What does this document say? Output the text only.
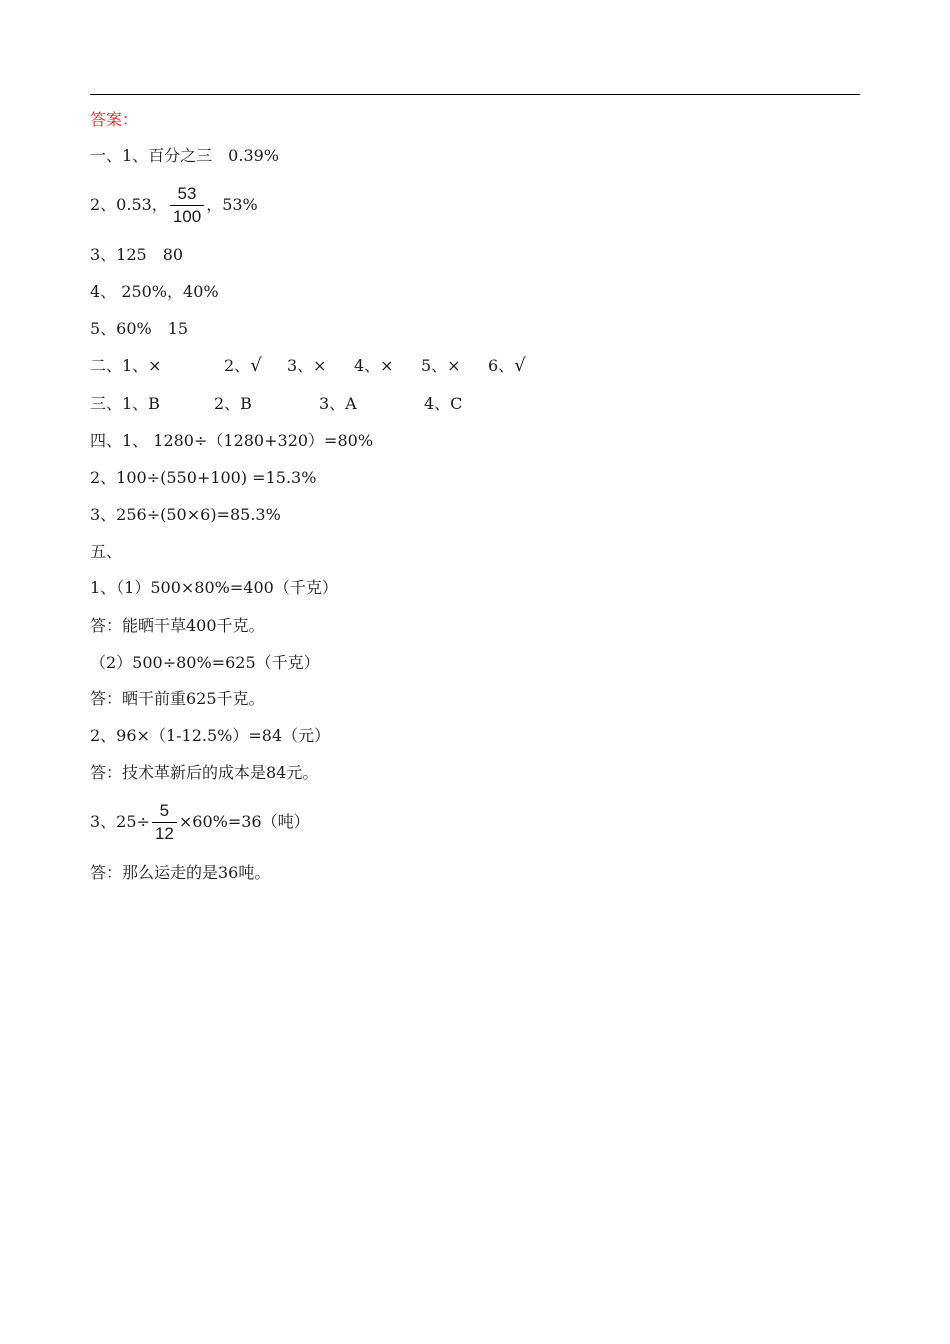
答案：
一、1、百分之三　0.39%
2、0.53， $\frac{53}{100}$ ，53%
3、125　80
4、 250%，40%
5、60%　15
二、1、×	2、√ 3、× 4、× 5、× 6、√
三、1、B	2、B	3、A	4、C
四、1、 1280÷（1280+320）=80%
2、100÷(550+100) =15.3%
3、256÷(50×6)=85.3%
五、
1、（1）500×80%=400（千克）
答：能晒干草400千克。
（2）500÷80%=625（千克）
答：晒干前重625千克。
2、96×（1-12.5%）=84（元）
答：技术革新后的成本是84元。
3、$25\div \frac{5}{12} \times 60\%=36$（吨）
答：那么运走的是36吨。
